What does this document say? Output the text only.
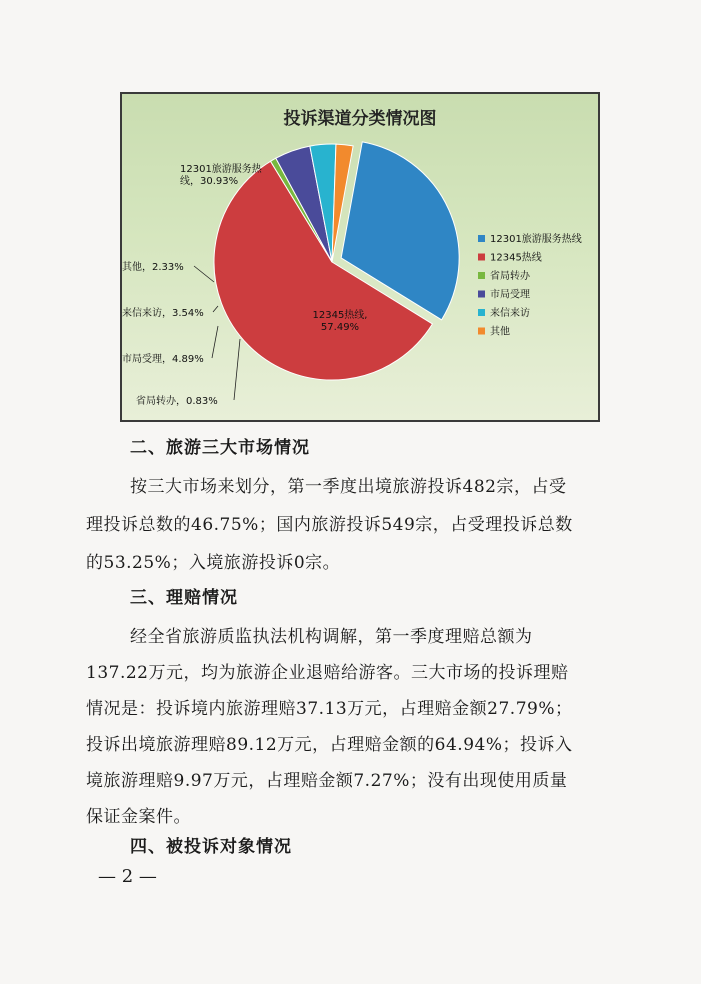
投诉渠道分类情况图
12301旅游服务热线，30.93%
12345热线, 57.49%
省局转办，0.83%
市局受理，4.89%
来信来访，3.54%
其他，2.33%
12301旅游服务热线
12345热线
省局转办
市局受理
来信来访
其他
二、旅游三大市场情况
按三大市场来划分，第一季度出境旅游投诉482宗，占受
理投诉总数的46.75%；国内旅游投诉549宗，占受理投诉总数
的53.25%；入境旅游投诉0宗。
三、理赔情况
经全省旅游质监执法机构调解，第一季度理赔总额为
137.22万元，均为旅游企业退赔给游客。三大市场的投诉理赔
情况是：投诉境内旅游理赔37.13万元，占理赔金额27.79%；
投诉出境旅游理赔89.12万元，占理赔金额的64.94%；投诉入
境旅游理赔9.97万元，占理赔金额7.27%；没有出现使用质量
保证金案件。
四、被投诉对象情况
— 2 —
